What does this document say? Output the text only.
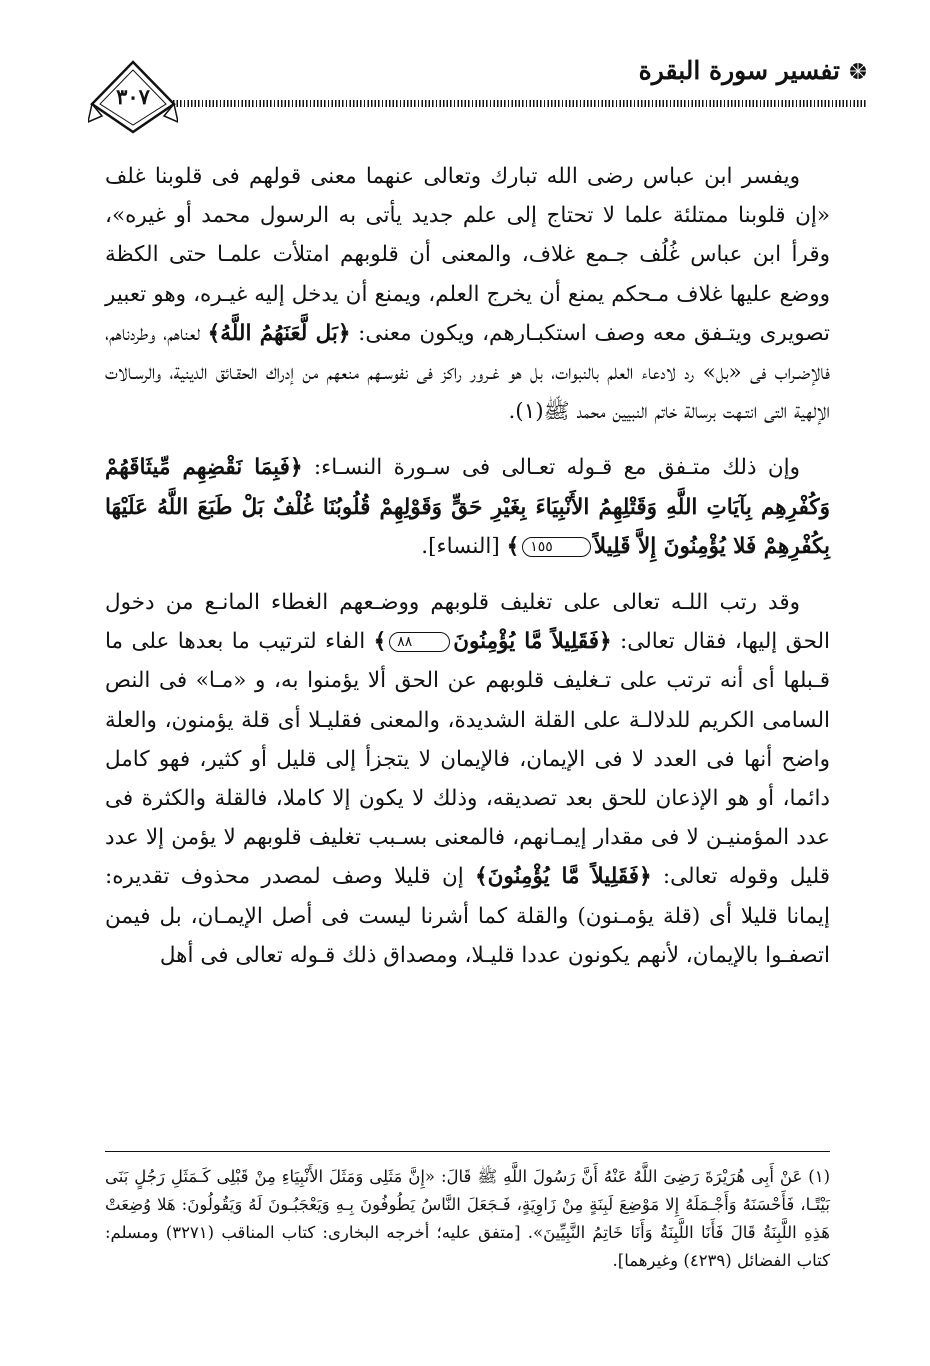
تفسير سورة البقرة
٣٠٧

ويفسر ابن عباس رضى الله تبارك وتعالى عنهما معنى قولهم فى قلوبنا غلف «إن قلوبنا ممتلئة علما لا تحتاج إلى علم جديد يأتى به الرسول محمد أو غيره»، وقرأ ابن عباس غُلُف جـمع غلاف، والمعنى أن قلوبهم امتلأت علمـا حتى الكظة ووضع عليها غلاف مـحكم يمنع أن يخرج العلم، ويمنع أن يدخل إليه غيـره، وهو تعبير تصويرى ويتـفق معه وصف استكبـارهم، ويكون معنى: ﴿بَل لَّعَنَهُمُ اللَّهُ﴾ لعناهم، وطردناهم، فالإضـراب فى «بل» رد لادعاء العلم بالنبوات، بل هو غـرور راكز فى نفوسـهم منعهم من إدراك الحقـائق الدينية، والرسـالات الإلهية التى انتـهت برسالة خاتم النبيين محمد ﷺ(١).

وإن ذلك متـفق مع قـوله تعـالى فى سـورة النسـاء: ﴿فَبِمَا نَقْضِهِم مِّيثَاقَهُمْ وَكُفْرِهِم بِآيَاتِ اللَّهِ وَقَتْلِهِمُ الأَنْبِيَاءَ بِغَيْرِ حَقٍّ وَقَوْلِهِمْ قُلُوبُنَا غُلْفٌ بَلْ طَبَعَ اللَّهُ عَلَيْهَا بِكُفْرِهِمْ فَلا يُؤْمِنُونَ إِلاَّ قَلِيلاً١٥٥﴾ [النساء].

وقد رتب اللـه تعالى على تغليف قلوبهم ووضـعهم الغطاء المانـع من دخول الحق إليها، فقال تعالى: ﴿فَقَلِيلاً مَّا يُؤْمِنُونَ٨٨﴾ الفاء لترتيب ما بعدها على ما قـبلها أى أنه ترتب على تـغليف قلوبهم عن الحق ألا يؤمنوا به، و «مـا» فى النص السامى الكريم للدلالـة على القلة الشديدة، والمعنى فقليـلا أى قلة يؤمنون، والعلة واضح أنها فى العدد لا فى الإيمان، فالإيمان لا يتجزأ إلى قليل أو كثير، فهو كامل دائما، أو هو الإذعان للحق بعد تصديقه، وذلك لا يكون إلا كاملا، فالقلة والكثرة فى عدد المؤمنيـن لا فى مقدار إيمـانهم، فالمعنى بسـبب تغليف قلوبهم لا يؤمن إلا عدد قليل وقوله تعالى: ﴿فَقَلِيلاً مَّا يُؤْمِنُونَ﴾ إن قليلا وصف لمصدر محذوف تقديره: إيمانا قليلا أى (قلة يؤمـنون) والقلة كما أشرنا ليست فى أصل الإيمـان، بل فيمن اتصفـوا بالإيمان، لأنهم يكونون عددا قليـلا، ومصداق ذلك قـوله تعالى فى أهل

(١) عَنْ أَبِى هُرَيْرَةَ رَضِىَ اللَّهُ عَنْهُ أَنَّ رَسُولَ اللَّهِ ﷺ قَالَ: «إِنَّ مَثَلِى وَمَثَلَ الأَنْبِيَاءِ مِنْ قَبْلِى كَـمَثَلِ رَجُلٍ بَنَى بَيْتًـا، فَأَحْسَنَهُ وَأَجْـمَلَهُ إِلا مَوْضِعَ لَبِنَةٍ مِنْ زَاوِيَةٍ، فَـجَعَلَ النَّاسُ يَطُوفُونَ بِـهِ وَيَعْجَبُـونَ لَهُ وَيَقُولُونَ: هَلا وُضِعَتْ هَذِهِ اللَّبِنَةُ قَالَ فَأَنَا اللَّبِنَةُ وَأَنَا خَاتِمُ النَّبِيِّينَ». [متفق عليه؛ أخرجه البخارى: كتاب المناقب (٣٢٧١) ومسلم: كتاب الفضائل (٤٢٣٩) وغيرهما].
